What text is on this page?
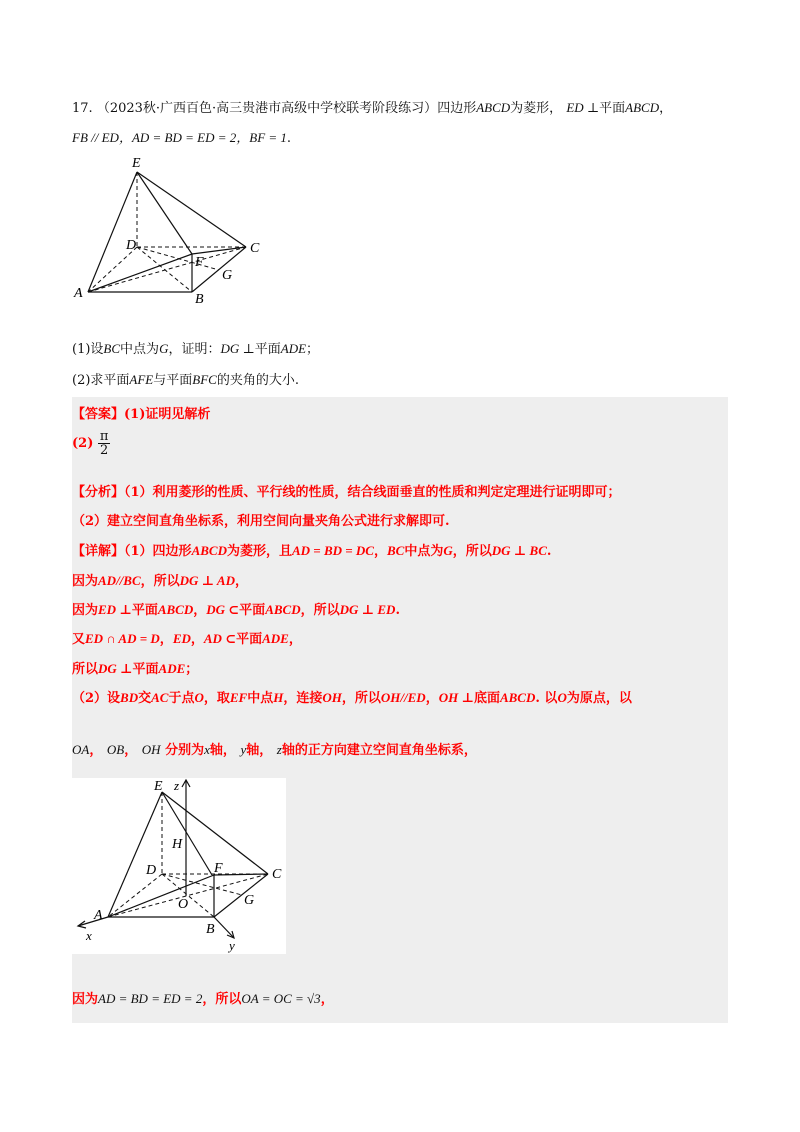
17. （2023秋·广西百色·高三贵港市高级中学校联考阶段练习）四边形ABCD为菱形， ED ⊥平面ABCD，
FB // ED，AD = BD = ED = 2，BF = 1.
E
D	C
F
G
A	B
(1)设BC中点为G，证明：DG ⊥平面ADE；
(2)求平面AFE与平面BFC的夹角的大小.
【答案】(1)证明见解析
$(2) \frac{\pi}{2}$
【分析】（1）利用菱形的性质、平行线的性质，结合线面垂直的性质和判定定理进行证明即可；
（2）建立空间直角坐标系，利用空间向量夹角公式进行求解即可.
【详解】（1）四边形ABCD为菱形，且AD = BD = DC，BC中点为G，所以DG ⊥ BC.
因为AD//BC，所以DG ⊥ AD，
因为ED ⊥平面ABCD，DG ⊂平面ABCD，所以DG ⊥ ED.
又ED ∩ AD = D，ED，AD ⊂平面ADE，
所以DG ⊥平面ADE；
（2）设BD交AC于点O，取EF中点H，连接OH，所以OH//ED，OH ⊥底面ABCD. 以O为原点，以
OA， OB， OH 分别为x轴， y轴， z轴的正方向建立空间直角坐标系，
E z
H
D	F	C
O	G
A
B
x
y
因为AD = BD = ED = 2，所以OA = OC = √3，
